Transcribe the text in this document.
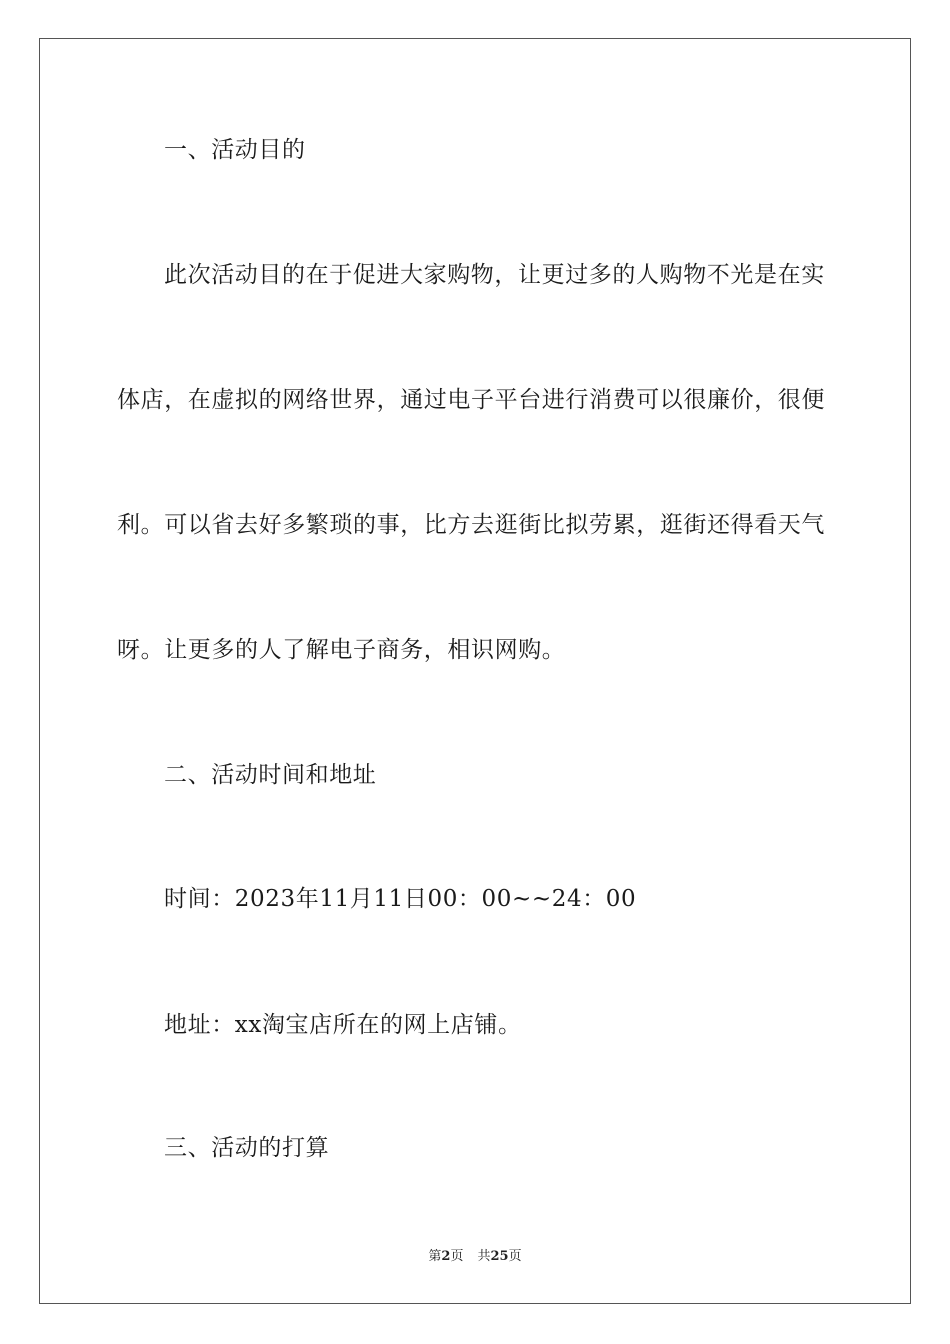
一、活动目的
此次活动目的在于促进大家购物，让更过多的人购物不光是在实
体店，在虚拟的网络世界，通过电子平台进行消费可以很廉价，很便
利。可以省去好多繁琐的事，比方去逛街比拟劳累，逛街还得看天气
呀。让更多的人了解电子商务，相识网购。
二、活动时间和地址
时间：2023年11月11日00：00~~24：00
地址：xx淘宝店所在的网上店铺。
三、活动的打算
第2页 共25页
